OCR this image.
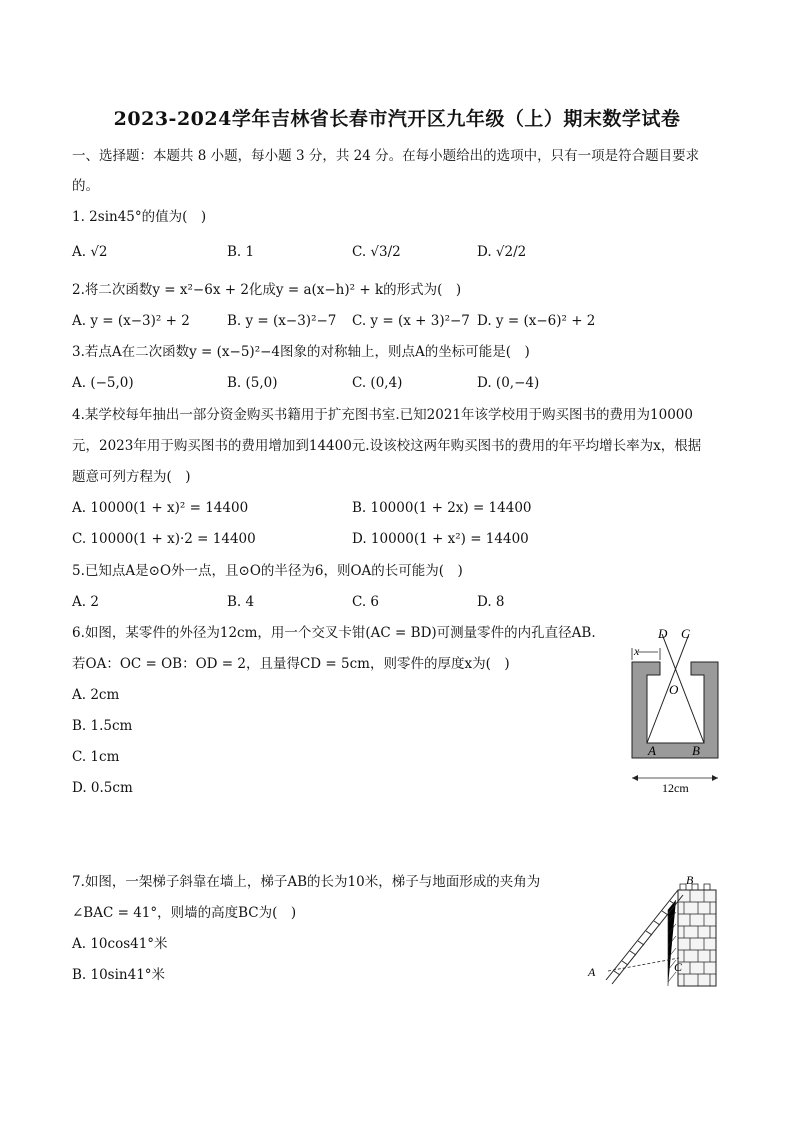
2023-2024学年吉林省长春市汽开区九年级（上）期末数学试卷
一、选择题：本题共 8 小题，每小题 3 分，共 24 分。在每小题给出的选项中，只有一项是符合题目要求
的。
1. 2sin45°的值为(　)
A. √2	B. 1	C. √3/2	D. √2/2
2.将二次函数y = x²−6x + 2化成y = a(x−h)² + k的形式为(　)
A. y = (x−3)² + 2	B. y = (x−3)²−7 C. y = (x + 3)²−7 D. y = (x−6)² + 2
3.若点A在二次函数y = (x−5)²−4图象的对称轴上，则点A的坐标可能是(　)
A. (−5,0)	B. (5,0)	C. (0,4)	D. (0,−4)
4.某学校每年抽出一部分资金购买书籍用于扩充图书室.已知2021年该学校用于购买图书的费用为10000
元，2023年用于购买图书的费用增加到14400元.设该校这两年购买图书的费用的年平均增长率为x，根据
题意可列方程为(　)
A. 10000(1 + x)² = 14400	B. 10000(1 + 2x) = 14400
C. 10000(1 + x)·2 = 14400	D. 10000(1 + x²) = 14400
5.已知点A是⊙O外一点，且⊙O的半径为6，则OA的长可能为(　)
A. 2	B. 4	C. 6	D. 8
6.如图，某零件的外径为12cm，用一个交叉卡钳(AC = BD)可测量零件的内孔直径AB.
若OA：OC = OB：OD = 2，且量得CD = 5cm，则零件的厚度x为(　)
A. 2cm
B. 1.5cm
C. 1cm
D. 0.5cm
D C
x
O
A	B
12cm
7.如图，一架梯子斜靠在墙上，梯子AB的长为10米，梯子与地面形成的夹角为
∠BAC = 41°，则墙的高度BC为(　)
A. 10cos41°米
B. 10sin41°米
B
A	C
